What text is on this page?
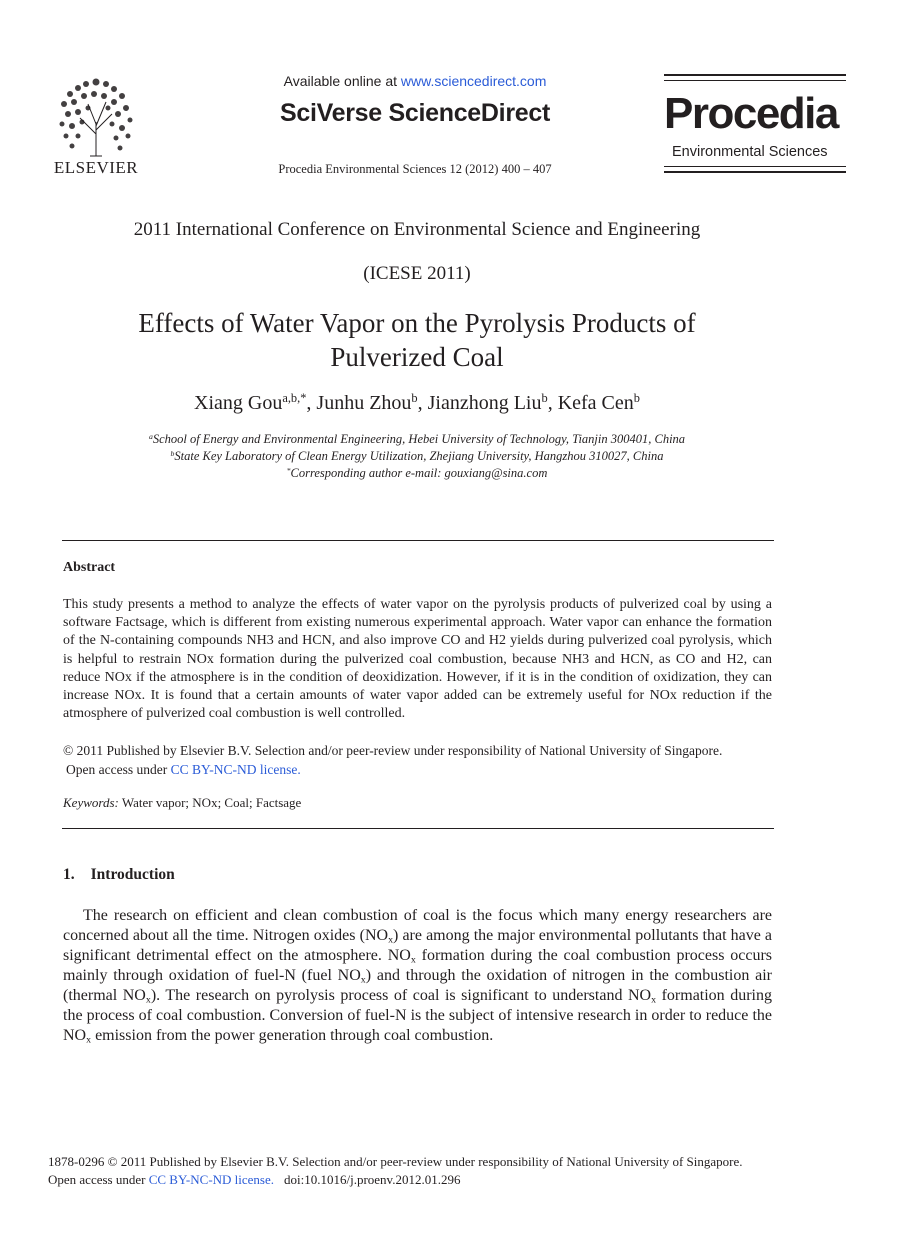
ELSEVIER
Available online at www.sciencedirect.com
SciVerse ScienceDirect
Procedia Environmental Sciences 12 (2012) 400 – 407
Procedia
Environmental Sciences
2011 International Conference on Environmental Science and Engineering
(ICESE 2011)
Effects of Water Vapor on the Pyrolysis Products of
Pulverized Coal
Xiang Gou$^{a,b,*}$, Junhu Zhou$^b$, Jianzhong Liu$^b$, Kefa Cen$^b$
$^a$School of Energy and Environmental Engineering, Hebei University of Technology, Tianjin 300401, China
$^b$State Key Laboratory of Clean Energy Utilization, Zhejiang University, Hangzhou 310027, China
*Corresponding author e-mail: gouxiang@sina.com
Abstract

This study presents a method to analyze the effects of water vapor on the pyrolysis products of pulverized coal by using a software Factsage, which is different from existing numerous experimental approach. Water vapor can enhance the formation of the N-containing compounds NH3 and HCN, and also improve CO and H2 yields during pulverized coal pyrolysis, which is helpful to restrain NOx formation during the pulverized coal combustion, because NH3 and HCN, as CO and H2, can reduce NOx if the atmosphere is in the condition of deoxidization. However, if it is in the condition of oxidization, they can increase NOx. It is found that a certain amounts of water vapor added can be extremely useful for NOx reduction if the atmosphere of pulverized coal combustion is well controlled.

© 2011 Published by Elsevier B.V. Selection and/or peer-review under responsibility of National University of Singapore.
Open access under CC BY-NC-ND license.
Keywords: Water vapor; NOx; Coal; Factsage
1. Introduction

The research on efficient and clean combustion of coal is the focus which many energy researchers are concerned about all the time. Nitrogen oxides $(NO_x)$ are among the major environmental pollutants that have a significant detrimental effect on the atmosphere. $NO_x$ formation during the coal combustion process occurs mainly through oxidation of fuel-N (fuel $NO_x$) and through the oxidation of nitrogen in the combustion air (thermal $NO_x$). The research on pyrolysis process of coal is significant to understand $NO_x$ formation during the process of coal combustion. Conversion of fuel-N is the subject of intensive research in order to reduce the $NO_x$ emission from the power generation through coal combustion.

1878-0296 © 2011 Published by Elsevier B.V. Selection and/or peer-review under responsibility of National University of Singapore.
Open access under CC BY-NC-ND license. doi:10.1016/j.proenv.2012.01.296
